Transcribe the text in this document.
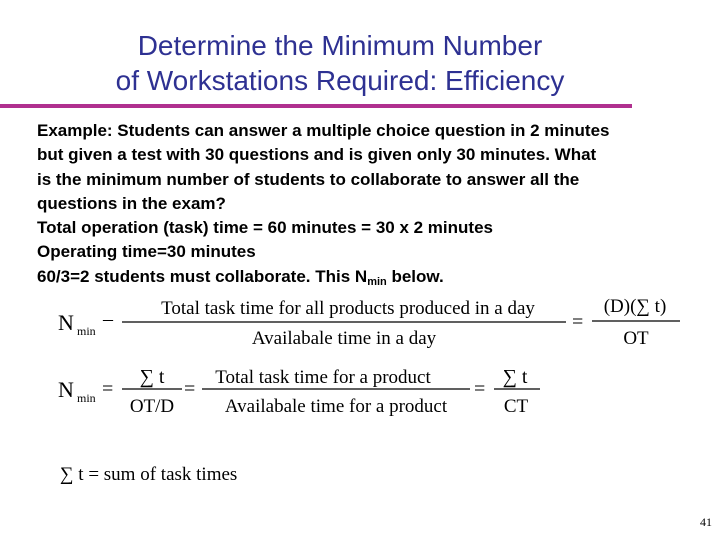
Determine the Minimum Number
of Workstations Required: Efficiency

Example: Students can answer a multiple choice question in 2 minutes

but given a test with 30 questions and is given only 30 minutes. What

is the minimum number of students to collaborate to answer all the

questions in the exam?

Total operation (task) time = 60 minutes = 30 x 2 minutes

Operating time=30 minutes

60/3=2 students must collaborate. This $N_{min}$ below.

N min
–	Total task time for all products produced in a day
Availabale time in a day
=
(D)(∑ t)
OT
N min =
∑ t
OT/D
=
Total task time for a product
Availabale time for a product
=
∑ t
CT
∑ t = sum of task times
41
